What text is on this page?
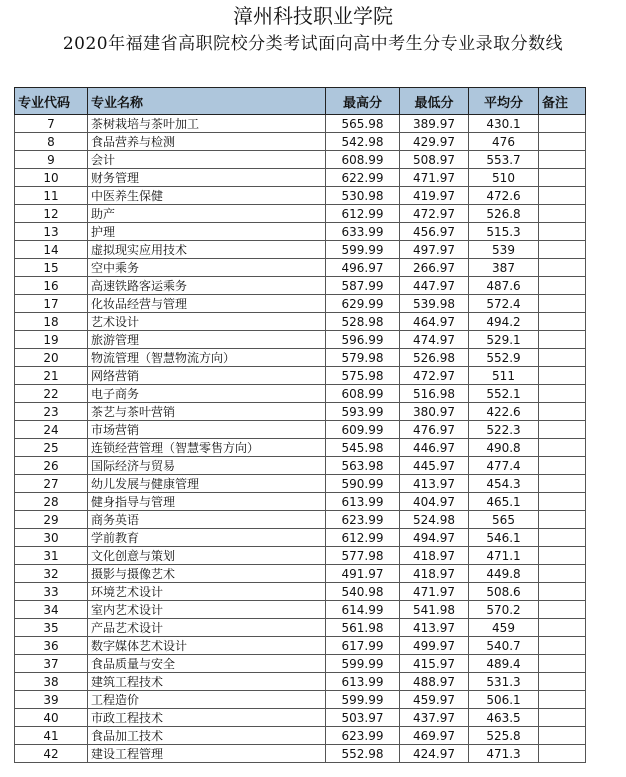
漳州科技职业学院
2020年福建省高职院校分类考试面向高中考生分专业录取分数线
专业代码	专业名称	最高分	最低分	平均分	备注
7	茶树栽培与茶叶加工	565.98	389.97	430.1	
8	食品营养与检测	542.98	429.97	476	
9	会计	608.99	508.97	553.7	
10	财务管理	622.99	471.97	510	
11	中医养生保健	530.98	419.97	472.6	
12	助产	612.99	472.97	526.8	
13	护理	633.99	456.97	515.3	
14	虚拟现实应用技术	599.99	497.97	539	
15	空中乘务	496.97	266.97	387	
16	高速铁路客运乘务	587.99	447.97	487.6	
17	化妆品经营与管理	629.99	539.98	572.4	
18	艺术设计	528.98	464.97	494.2	
19	旅游管理	596.99	474.97	529.1	
20	物流管理（智慧物流方向）	579.98	526.98	552.9	
21	网络营销	575.98	472.97	511	
22	电子商务	608.99	516.98	552.1	
23	茶艺与茶叶营销	593.99	380.97	422.6	
24	市场营销	609.99	476.97	522.3	
25	连锁经营管理（智慧零售方向）	545.98	446.97	490.8	
26	国际经济与贸易	563.98	445.97	477.4	
27	幼儿发展与健康管理	590.99	413.97	454.3	
28	健身指导与管理	613.99	404.97	465.1	
29	商务英语	623.99	524.98	565	
30	学前教育	612.99	494.97	546.1	
31	文化创意与策划	577.98	418.97	471.1	
32	摄影与摄像艺术	491.97	418.97	449.8	
33	环境艺术设计	540.98	471.97	508.6	
34	室内艺术设计	614.99	541.98	570.2	
35	产品艺术设计	561.98	413.97	459	
36	数字媒体艺术设计	617.99	499.97	540.7	
37	食品质量与安全	599.99	415.97	489.4	
38	建筑工程技术	613.99	488.97	531.3	
39	工程造价	599.99	459.97	506.1	
40	市政工程技术	503.97	437.97	463.5	
41	食品加工技术	623.99	469.97	525.8	
42	建设工程管理	552.98	424.97	471.3	
